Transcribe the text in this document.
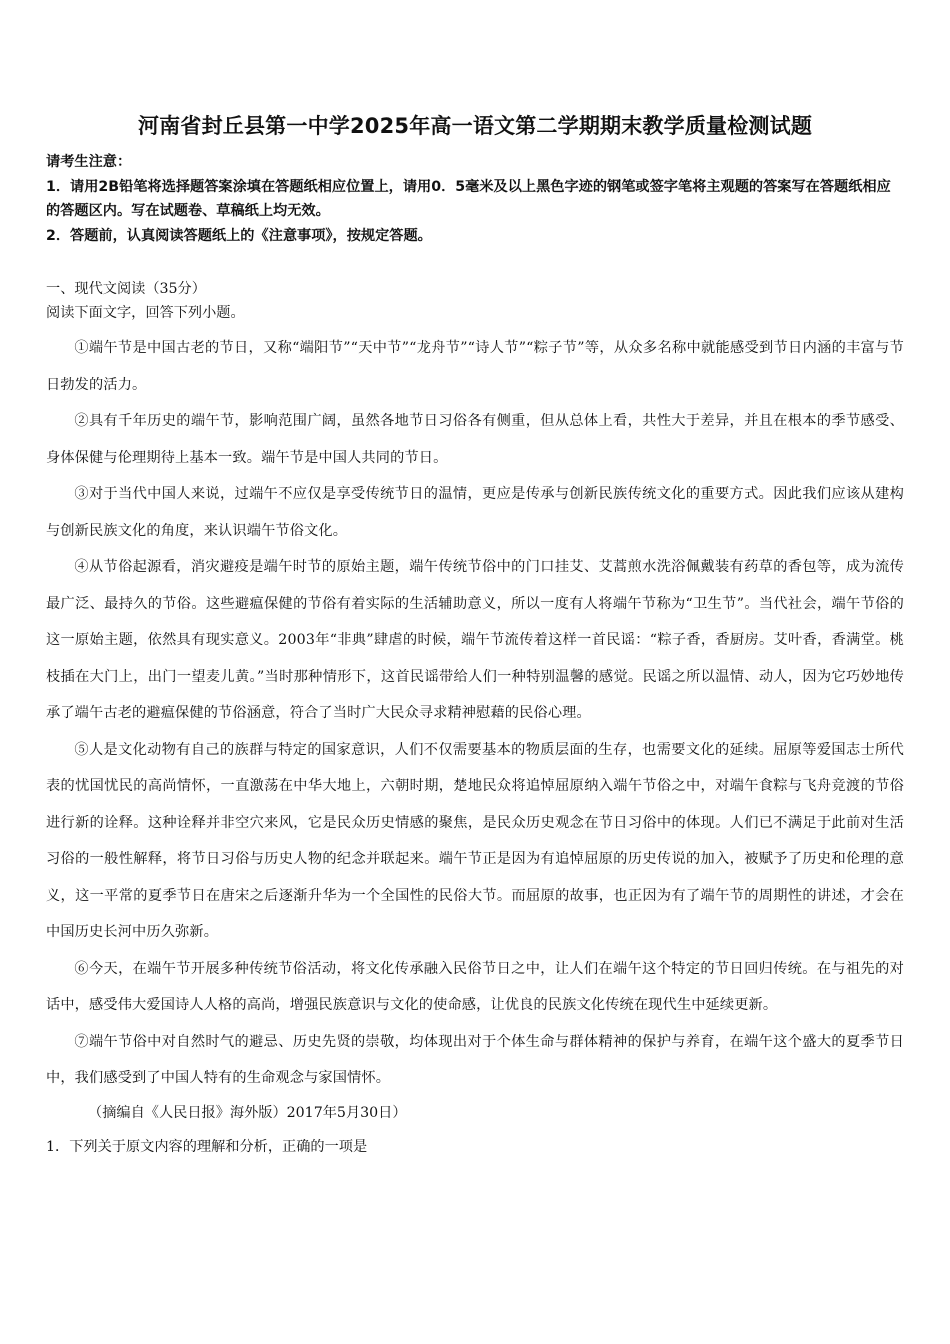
河南省封丘县第一中学2025年高一语文第二学期期末教学质量检测试题

请考生注意：

1．请用2B铅笔将选择题答案涂填在答题纸相应位置上，请用0．5毫米及以上黑色字迹的钢笔或签字笔将主观题的答案写在答题纸相应的答题区内。写在试题卷、草稿纸上均无效。

2．答题前，认真阅读答题纸上的《注意事项》，按规定答题。

一、现代文阅读（35分）
阅读下面文字，回答下列小题。

①端午节是中国古老的节日，又称“端阳节”“天中节”“龙舟节”“诗人节”“粽子节”等，从众多名称中就能感受到节日内涵的丰富与节日勃发的活力。

②具有千年历史的端午节，影响范围广阔，虽然各地节日习俗各有侧重，但从总体上看，共性大于差异，并且在根本的季节感受、身体保健与伦理期待上基本一致。端午节是中国人共同的节日。

③对于当代中国人来说，过端午不应仅是享受传统节日的温情，更应是传承与创新民族传统文化的重要方式。因此我们应该从建构与创新民族文化的角度，来认识端午节俗文化。

④从节俗起源看，消灾避疫是端午时节的原始主题，端午传统节俗中的门口挂艾、艾蒿煎水洗浴佩戴装有药草的香包等，成为流传最广泛、最持久的节俗。这些避瘟保健的节俗有着实际的生活辅助意义，所以一度有人将端午节称为“卫生节”。当代社会，端午节俗的这一原始主题，依然具有现实意义。2003年“非典”肆虐的时候，端午节流传着这样一首民谣：“粽子香，香厨房。艾叶香，香满堂。桃枝插在大门上，出门一望麦儿黄。”当时那种情形下，这首民谣带给人们一种特别温馨的感觉。民谣之所以温情、动人，因为它巧妙地传承了端午古老的避瘟保健的节俗涵意，符合了当时广大民众寻求精神慰藉的民俗心理。

⑤人是文化动物有自己的族群与特定的国家意识，人们不仅需要基本的物质层面的生存，也需要文化的延续。屈原等爱国志士所代表的忧国忧民的高尚情怀，一直激荡在中华大地上，六朝时期，楚地民众将追悼屈原纳入端午节俗之中，对端午食粽与飞舟竞渡的节俗进行新的诠释。这种诠释并非空穴来风，它是民众历史情感的聚焦，是民众历史观念在节日习俗中的体现。人们已不满足于此前对生活习俗的一般性解释，将节日习俗与历史人物的纪念并联起来。端午节正是因为有追悼屈原的历史传说的加入，被赋予了历史和伦理的意义，这一平常的夏季节日在唐宋之后逐渐升华为一个全国性的民俗大节。而屈原的故事，也正因为有了端午节的周期性的讲述，才会在中国历史长河中历久弥新。

⑥今天，在端午节开展多种传统节俗活动，将文化传承融入民俗节日之中，让人们在端午这个特定的节日回归传统。在与祖先的对话中，感受伟大爱国诗人人格的高尚，增强民族意识与文化的使命感，让优良的民族文化传统在现代生中延续更新。

⑦端午节俗中对自然时气的避忌、历史先贤的崇敬，均体现出对于个体生命与群体精神的保护与养育，在端午这个盛大的夏季节日中，我们感受到了中国人特有的生命观念与家国情怀。

（摘编自《人民日报》海外版）2017年5月30日）
1．下列关于原文内容的理解和分析，正确的一项是
